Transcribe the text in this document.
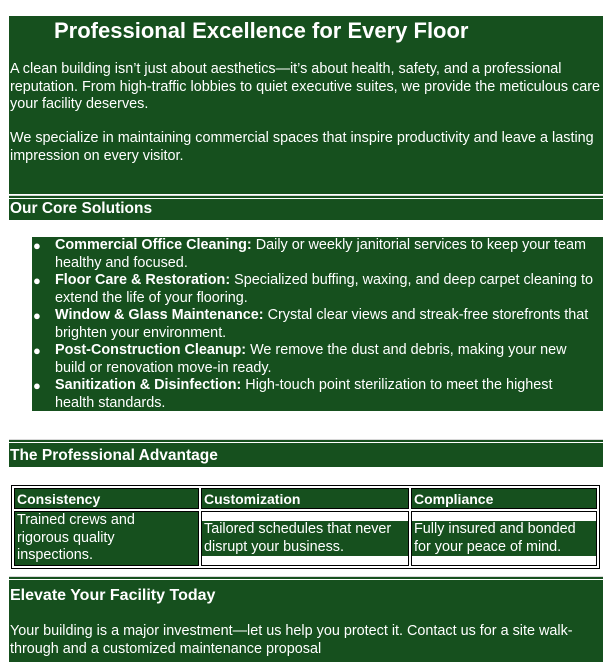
Professional Excellence for Every Floor

A clean building isn’t just about aesthetics—it’s about health, safety, and a professional reputation. From high-traffic lobbies to quiet executive suites, we provide the meticulous care your facility deserves.

We specialize in maintaining commercial spaces that inspire productivity and leave a lasting impression on every visitor.

Our Core Solutions
● Commercial Office Cleaning: Daily or weekly janitorial services to keep your team healthy and focused.
● Floor Care & Restoration: Specialized buffing, waxing, and deep carpet cleaning to extend the life of your flooring.
● Window & Glass Maintenance: Crystal clear views and streak-free storefronts that brighten your environment.
● Post-Construction Cleanup: We remove the dust and debris, making your new build or renovation move-in ready.
● Sanitization & Disinfection: High-touch point sterilization to meet the highest health standards.
The Professional Advantage
Consistency	Customization	Compliance

Trained crews and rigorous quality inspections.	Tailored schedules that never disrupt your business.	Fully insured and bonded for your peace of mind.
Elevate Your Facility Today

Your building is a major investment—let us help you protect it. Contact us for a site walk-through and a customized maintenance proposal
